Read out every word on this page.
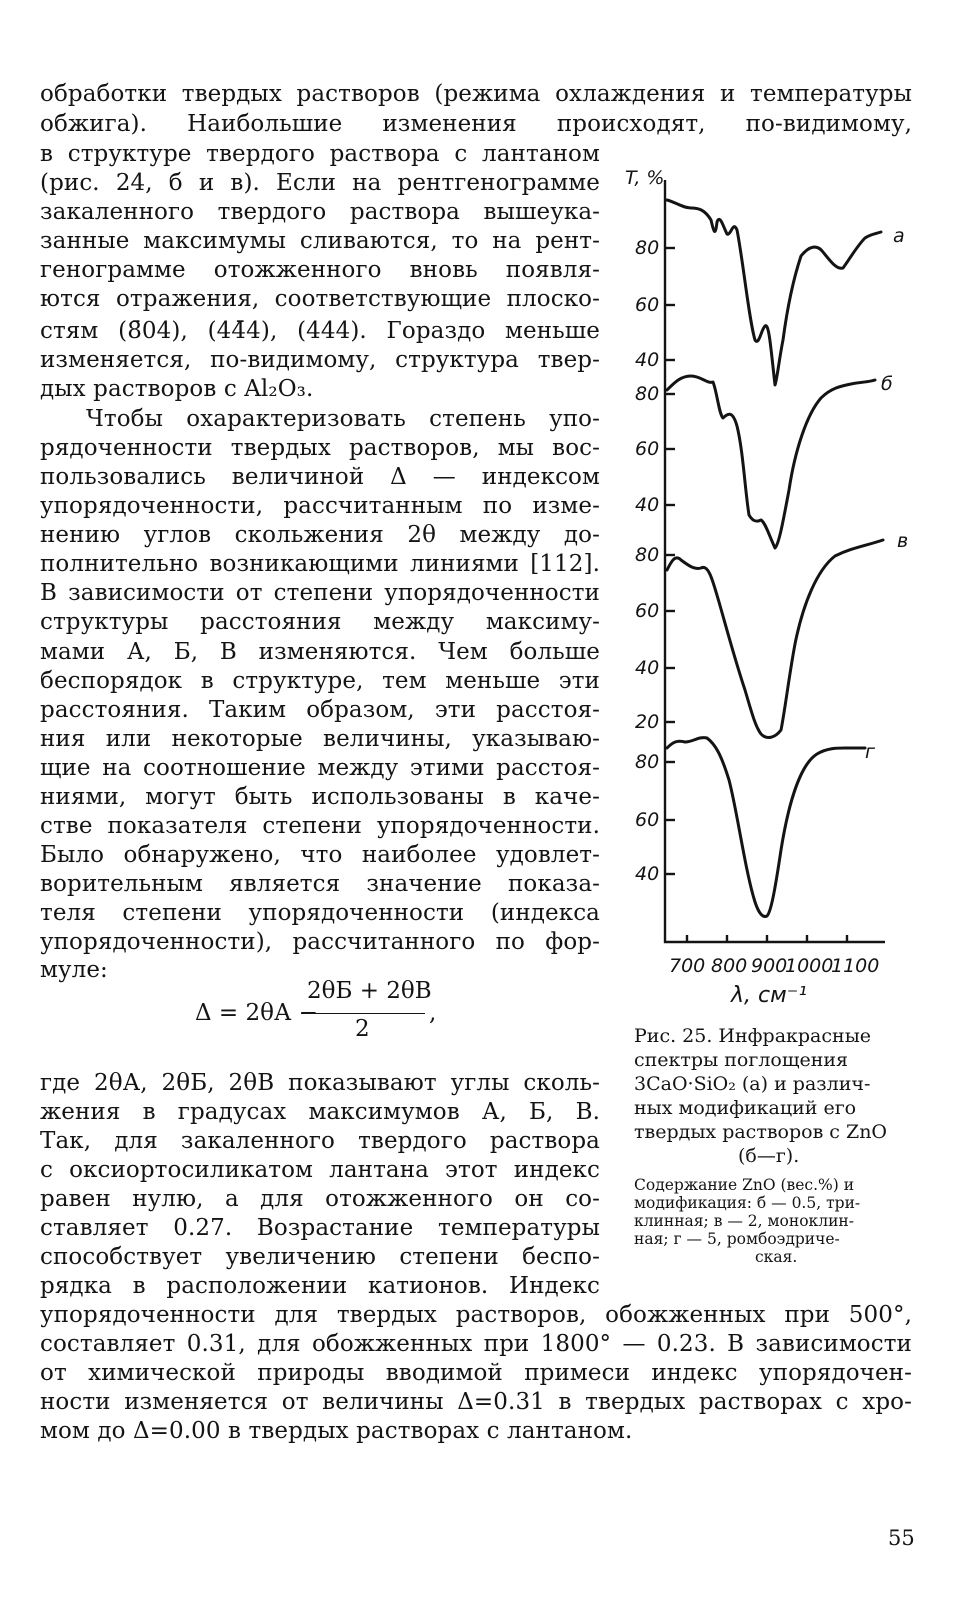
обработки твердых растворов (режима охлаждения и температуры

обжига). Наибольшие изменения происходят, по-видимому,

в структуре твердого раствора с лантаном

(рис. 24, б и в). Если на рентгенограмме

закаленного твердого раствора вышеука-

занные максимумы сливаются, то на рент-

генограмме отожженного вновь появля-

ются отражения, соответствующие плоско-

стям (8̄04), (44̄4), (444). Гораздо меньше

изменяется, по-видимому, структура твер-

дых растворов с Al₂O₃.

Чтобы охарактеризовать степень упо-

рядоченности твердых растворов, мы вос-

пользовались величиной Δ — индексом

упорядоченности, рассчитанным по изме-

нению углов скольжения 2θ между до-

полнительно возникающими линиями [112].

В зависимости от степени упорядоченности

структуры расстояния между максиму-

мами А, Б, В изменяются. Чем больше

беспорядок в структуре, тем меньше эти

расстояния. Таким образом, эти расстоя-

ния или некоторые величины, указываю-

щие на соотношение между этими расстоя-

ниями, могут быть использованы в каче-

стве показателя степени упорядоченности.

Было обнаружено, что наиболее удовлет-

ворительным является значение показа-

теля степени упорядоченности (индекса

упорядоченности), рассчитанного по фор-

муле:

Δ = 2θА −
2θБ + 2θВ
2
,

где 2θА, 2θБ, 2θВ показывают углы сколь-

жения в градусах максимумов А, Б, В.

Так, для закаленного твердого раствора

с оксиортосиликатом лантана этот индекс

равен нулю, а для отожженного он со-

ставляет 0.27. Возрастание температуры

способствует увеличению степени беспо-

рядка в расположении катионов. Индекс

упорядоченности для твердых растворов, обожженных при 500°,

составляет 0.31, для обожженных при 1800° — 0.23. В зависимости

от химической природы вводимой примеси индекс упорядочен-

ности изменяется от величины Δ=0.31 в твердых растворах с хро-

мом до Δ=0.00 в твердых растворах с лантаном.

T, %
80
60
40
80
60
40
80
60
40
20
80
60
40
700 800 900
1000
1100
λ, см⁻¹
а
б
в
г

Рис. 25. Инфракрасные

спектры поглощения

3CaO·SiO₂ (а) и различ-

ных модификаций его

твердых растворов с ZnO

(б—г).

Содержание ZnO (вес.%) и

модификация: б — 0.5, три-

клинная; в — 2, моноклин-

ная; г — 5, ромбоэдриче-

ская.

55
